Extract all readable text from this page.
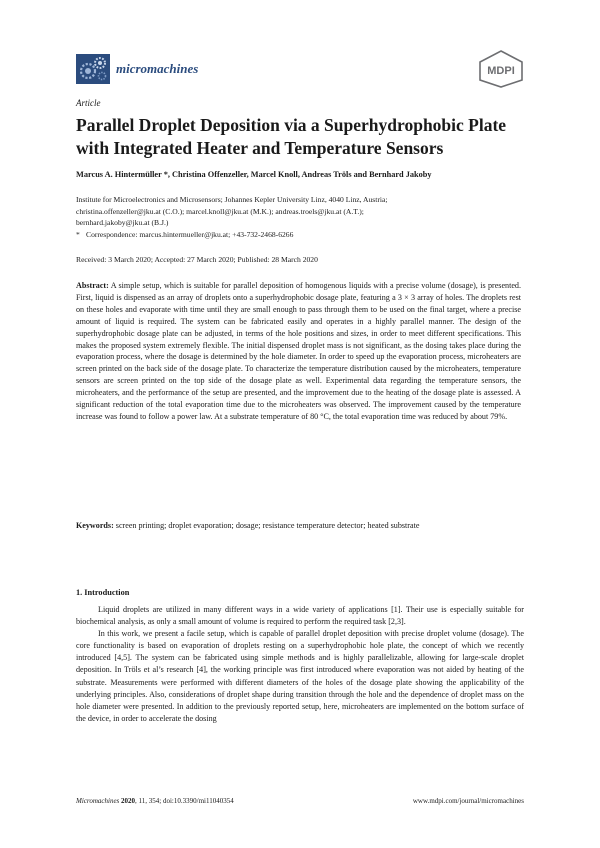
micromachines	MDPI
Article
Parallel Droplet Deposition via a Superhydrophobic Plate with Integrated Heater and Temperature Sensors
Marcus A. Hintermüller *, Christina Offenzeller, Marcel Knoll, Andreas Tröls and Bernhard Jakoby
Institute for Microelectronics and Microsensors; Johannes Kepler University Linz, 4040 Linz, Austria;
christina.offenzeller@jku.at (C.O.); marcel.knoll@jku.at (M.K.); andreas.troels@jku.at (A.T.);
bernhard.jakoby@jku.at (B.J.)
* Correspondence: marcus.hintermueller@jku.at; +43-732-2468-6266
Received: 3 March 2020; Accepted: 27 March 2020; Published: 28 March 2020
Abstract: A simple setup, which is suitable for parallel deposition of homogenous liquids with a precise volume (dosage), is presented. First, liquid is dispensed as an array of droplets onto a superhydrophobic dosage plate, featuring a 3 × 3 array of holes. The droplets rest on these holes and evaporate with time until they are small enough to pass through them to be used on the final target, where a precise amount of liquid is required. The system can be fabricated easily and operates in a highly parallel manner. The design of the superhydrophobic dosage plate can be adjusted, in terms of the hole positions and sizes, in order to meet different specifications. This makes the proposed system extremely flexible. The initial dispensed droplet mass is not significant, as the dosing takes place during the evaporation process, where the dosage is determined by the hole diameter. In order to speed up the evaporation process, microheaters are screen printed on the back side of the dosage plate. To characterize the temperature distribution caused by the microheaters, temperature sensors are screen printed on the top side of the dosage plate as well. Experimental data regarding the temperature sensors, the microheaters, and the performance of the setup are presented, and the improvement due to the heating of the dosage plate is assessed. A significant reduction of the total evaporation time due to the microheaters was observed. The improvement caused by the temperature increase was found to follow a power law. At a substrate temperature of 80 °C, the total evaporation time was reduced by about 79%.
Keywords: screen printing; droplet evaporation; dosage; resistance temperature detector; heated substrate
1. Introduction

Liquid droplets are utilized in many different ways in a wide variety of applications [1]. Their use is especially suitable for biochemical analysis, as only a small amount of volume is required to perform the required task [2,3].

In this work, we present a facile setup, which is capable of parallel droplet deposition with precise droplet volume (dosage). The core functionality is based on evaporation of droplets resting on a superhydrophobic hole plate, the concept of which we recently introduced [4,5]. The system can be fabricated using simple methods and is highly parallelizable, allowing for large-scale droplet deposition. In Tröls et al’s research [4], the working principle was first introduced where evaporation was not aided by heating of the substrate. Measurements were performed with different diameters of the holes of the dosage plate showing the applicability of the underlying principles. Also, considerations of droplet shape during transition through the hole and the dependence of droplet mass on the hole diameter were presented. In addition to the previously reported setup, here, microheaters are implemented on the bottom surface of the device, in order to accelerate the dosing

Micromachines 2020, 11, 354; doi:10.3390/mi11040354	www.mdpi.com/journal/micromachines
